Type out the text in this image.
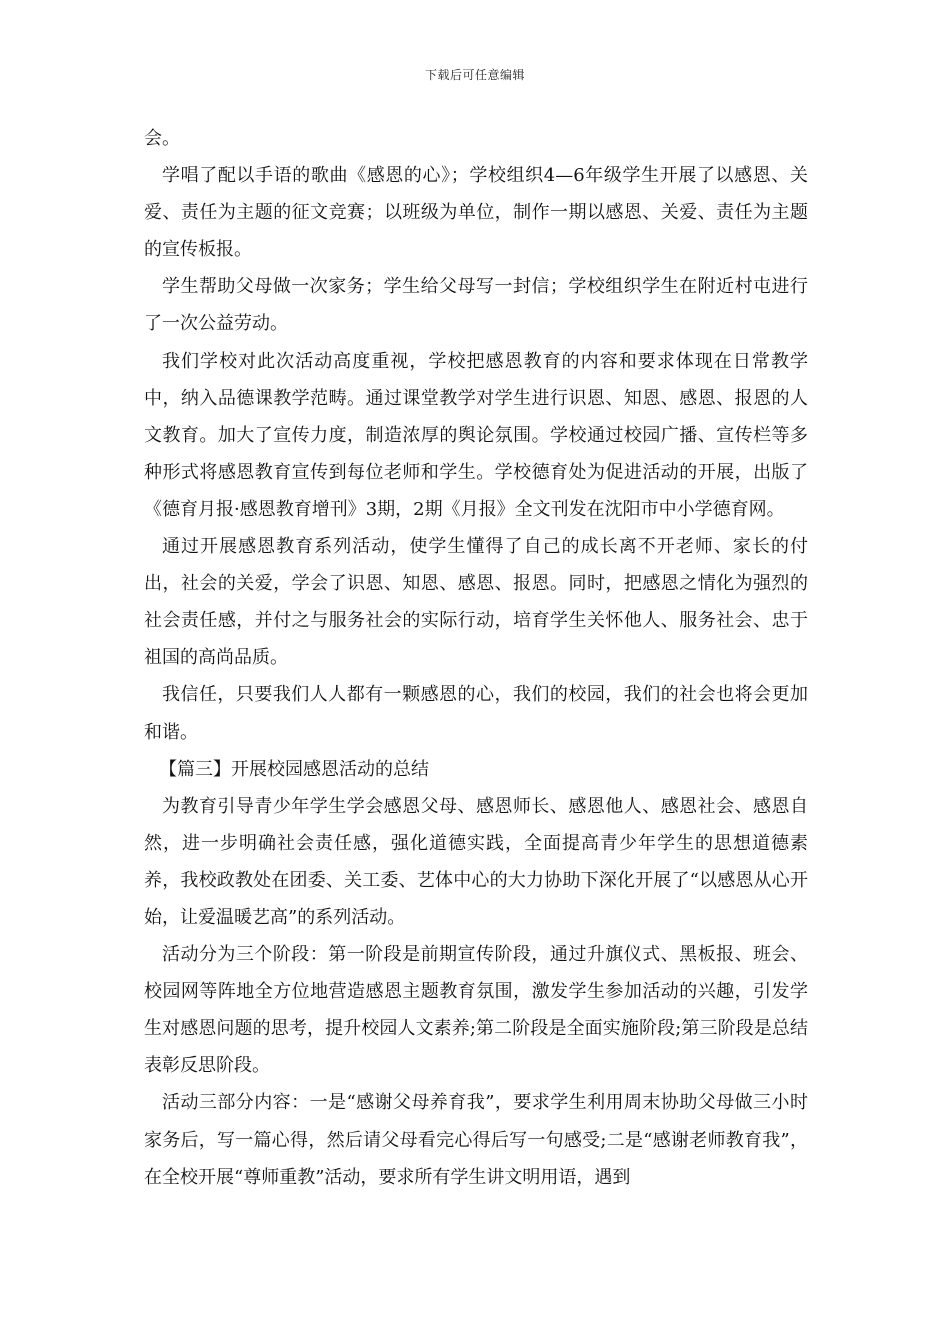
下载后可任意编辑

会。

学唱了配以手语的歌曲《感恩的心》；学校组织4—6年级学生开展了以感恩、关爱、责任为主题的征文竞赛；以班级为单位，制作一期以感恩、关爱、责任为主题的宣传板报。

学生帮助父母做一次家务；学生给父母写一封信；学校组织学生在附近村屯进行了一次公益劳动。

我们学校对此次活动高度重视，学校把感恩教育的内容和要求体现在日常教学中，纳入品德课教学范畴。通过课堂教学对学生进行识恩、知恩、感恩、报恩的人文教育。加大了宣传力度，制造浓厚的舆论氛围。学校通过校园广播、宣传栏等多种形式将感恩教育宣传到每位老师和学生。学校德育处为促进活动的开展，出版了《德育月报·感恩教育增刊》3期，2期《月报》全文刊发在沈阳市中小学德育网。

通过开展感恩教育系列活动，使学生懂得了自己的成长离不开老师、家长的付出，社会的关爱，学会了识恩、知恩、感恩、报恩。同时，把感恩之情化为强烈的社会责任感，并付之与服务社会的实际行动，培育学生关怀他人、服务社会、忠于祖国的高尚品质。

我信任，只要我们人人都有一颗感恩的心，我们的校园，我们的社会也将会更加和谐。

【篇三】开展校园感恩活动的总结

为教育引导青少年学生学会感恩父母、感恩师长、感恩他人、感恩社会、感恩自然，进一步明确社会责任感，强化道德实践，全面提高青少年学生的思想道德素养，我校政教处在团委、关工委、艺体中心的大力协助下深化开展了“以感恩从心开始，让爱温暖艺高”的系列活动。

活动分为三个阶段：第一阶段是前期宣传阶段，通过升旗仪式、黑板报、班会、校园网等阵地全方位地营造感恩主题教育氛围，激发学生参加活动的兴趣，引发学生对感恩问题的思考，提升校园人文素养;第二阶段是全面实施阶段;第三阶段是总结表彰反思阶段。

活动三部分内容：一是“感谢父母养育我”，要求学生利用周末协助父母做三小时家务后，写一篇心得，然后请父母看完心得后写一句感受;二是“感谢老师教育我”，在全校开展“尊师重教”活动，要求所有学生讲文明用语，遇到
